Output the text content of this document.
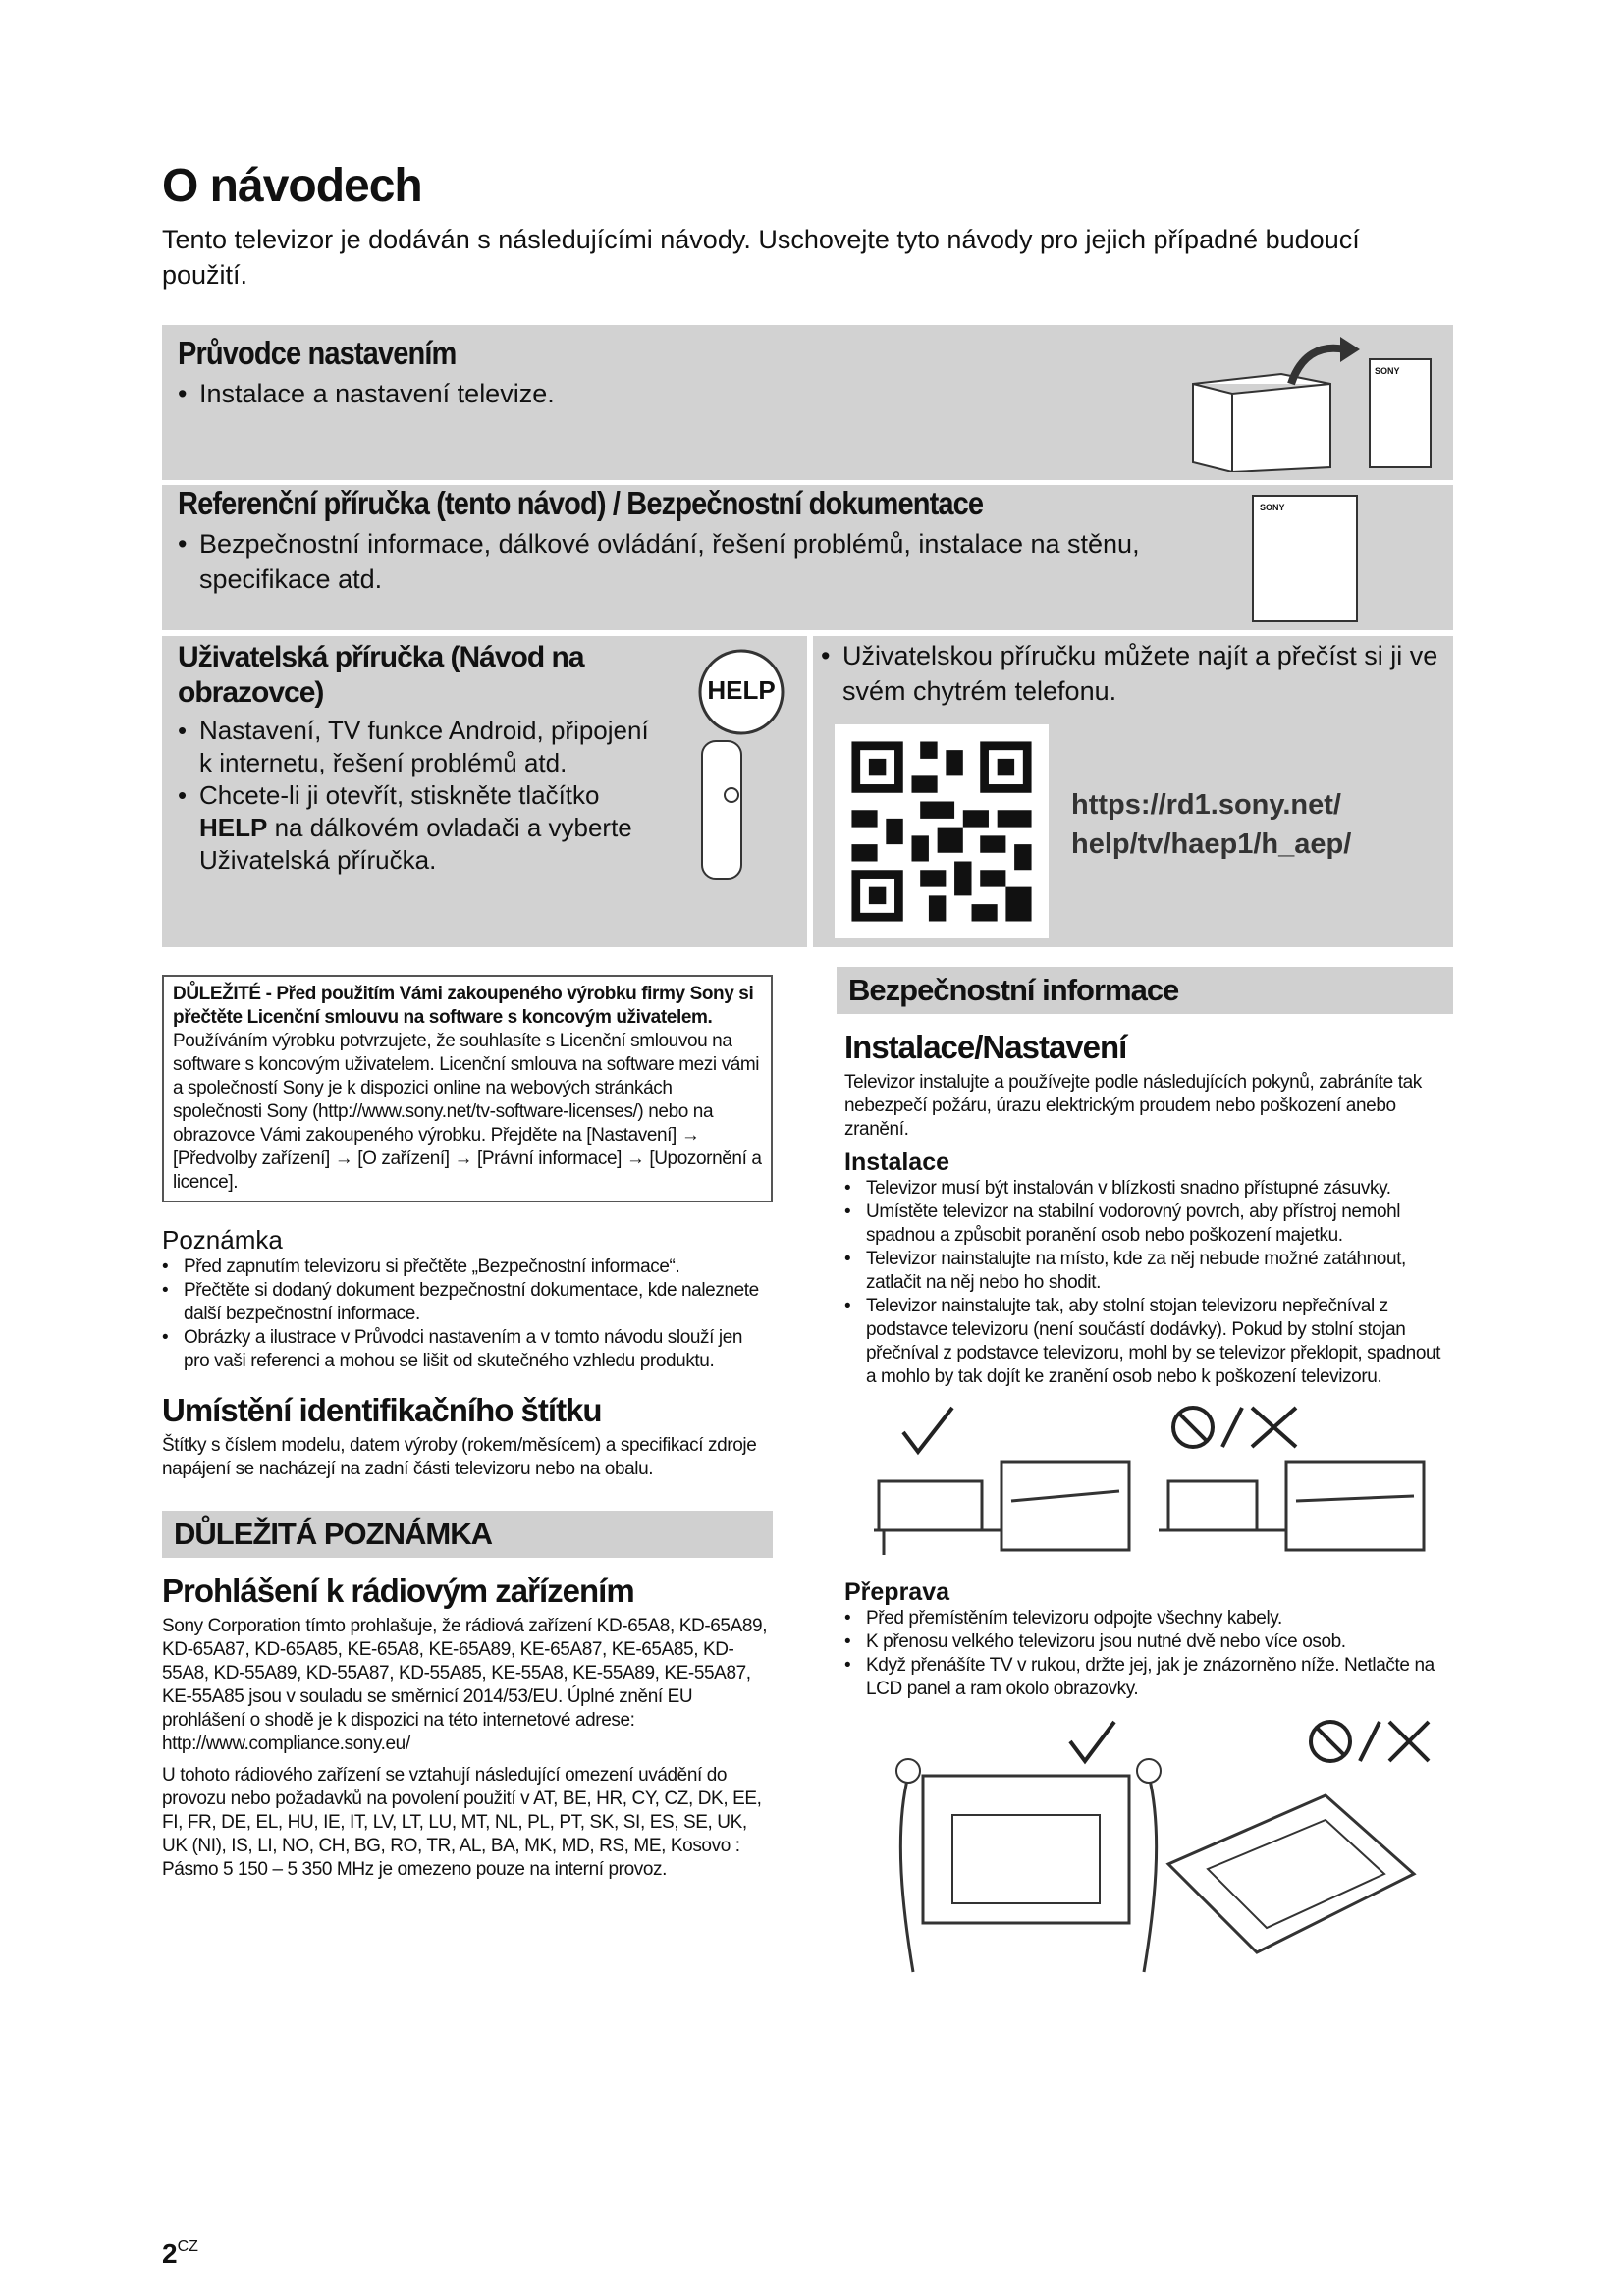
O návodech
Tento televizor je dodáván s následujícími návody. Uschovejte tyto návody pro jejich případné budoucí použití.
Průvodce nastavením
• Instalace a nastavení televize.
SONY
Referenční příručka (tento návod) / Bezpečnostní dokumentace
• Bezpečnostní informace, dálkové ovládání, řešení problémů, instalace na stěnu, specifikace atd.
SONY
Uživatelská příručka (Návod na obrazovce)
• Nastavení, TV funkce Android, připojení k internetu, řešení problémů atd.
• Chcete-li ji otevřít, stiskněte tlačítko HELP na dálkovém ovladači a vyberte Uživatelská příručka.
HELP
• Uživatelskou příručku můžete najít a přečíst si ji ve svém chytrém telefonu.
https://rd1.sony.net/
help/tv/haep1/h_aep/
DŮLEŽITÉ - Před použitím Vámi zakoupeného výrobku firmy Sony si přečtěte Licenční smlouvu na software s koncovým uživatelem. Používáním výrobku potvrzujete, že souhlasíte s Licenční smlouvou na software s koncovým uživatelem. Licenční smlouva na software mezi vámi a společností Sony je k dispozici online na webových stránkách společnosti Sony (http://www.sony.net/tv-software-licenses/) nebo na obrazovce Vámi zakoupeného výrobku. Přejděte na [Nastavení] → [Předvolby zařízení] → [O zařízení] → [Právní informace] → [Upozornění a licence].
Poznámka
• Před zapnutím televizoru si přečtěte „Bezpečnostní informace“.
• Přečtěte si dodaný dokument bezpečnostní dokumentace, kde naleznete další bezpečnostní informace.
• Obrázky a ilustrace v Průvodci nastavením a v tomto návodu slouží jen pro vaši referenci a mohou se lišit od skutečného vzhledu produktu.
Umístění identifikačního štítku
Štítky s číslem modelu, datem výroby (rokem/měsícem) a specifikací zdroje napájení se nacházejí na zadní části televizoru nebo na obalu.
DŮLEŽITÁ POZNÁMKA
Prohlášení k rádiovým zařízením
Sony Corporation tímto prohlašuje, že rádiová zařízení KD-65A8, KD-65A89, KD-65A87, KD-65A85, KE-65A8, KE-65A89, KE-65A87, KE-65A85, KD-55A8, KD-55A89, KD-55A87, KD-55A85, KE-55A8, KE-55A89, KE-55A87, KE-55A85 jsou v souladu se směrnicí 2014/53/EU. Úplné znění EU prohlášení o shodě je k dispozici na této internetové adrese: http://www.compliance.sony.eu/
U tohoto rádiového zařízení se vztahují následující omezení uvádění do provozu nebo požadavků na povolení použití v AT, BE, HR, CY, CZ, DK, EE, FI, FR, DE, EL, HU, IE, IT, LV, LT, LU, MT, NL, PL, PT, SK, SI, ES, SE, UK, UK (NI), IS, LI, NO, CH, BG, RO, TR, AL, BA, MK, MD, RS, ME, Kosovo :
Pásmo 5 150 – 5 350 MHz je omezeno pouze na interní provoz.
Bezpečnostní informace
Instalace/Nastavení
Televizor instalujte a používejte podle následujících pokynů, zabráníte tak nebezpečí požáru, úrazu elektrickým proudem nebo poškození anebo zranění.
Instalace
• Televizor musí být instalován v blízkosti snadno přístupné zásuvky.
• Umístěte televizor na stabilní vodorovný povrch, aby přístroj nemohl spadnou a způsobit poranění osob nebo poškození majetku.
• Televizor nainstalujte na místo, kde za něj nebude možné zatáhnout, zatlačit na něj nebo ho shodit.
• Televizor nainstalujte tak, aby stolní stojan televizoru nepřečníval z podstavce televizoru (není součástí dodávky). Pokud by stolní stojan přečníval z podstavce televizoru, mohl by se televizor překlopit, spadnout a mohlo by tak dojít ke zranění osob nebo k poškození televizoru.
Přeprava
• Před přemístěním televizoru odpojte všechny kabely.
• K přenosu velkého televizoru jsou nutné dvě nebo více osob.
• Když přenášíte TV v rukou, držte jej, jak je znázorněno níže. Netlačte na LCD panel a ram okolo obrazovky.
$2^{CZ}$
